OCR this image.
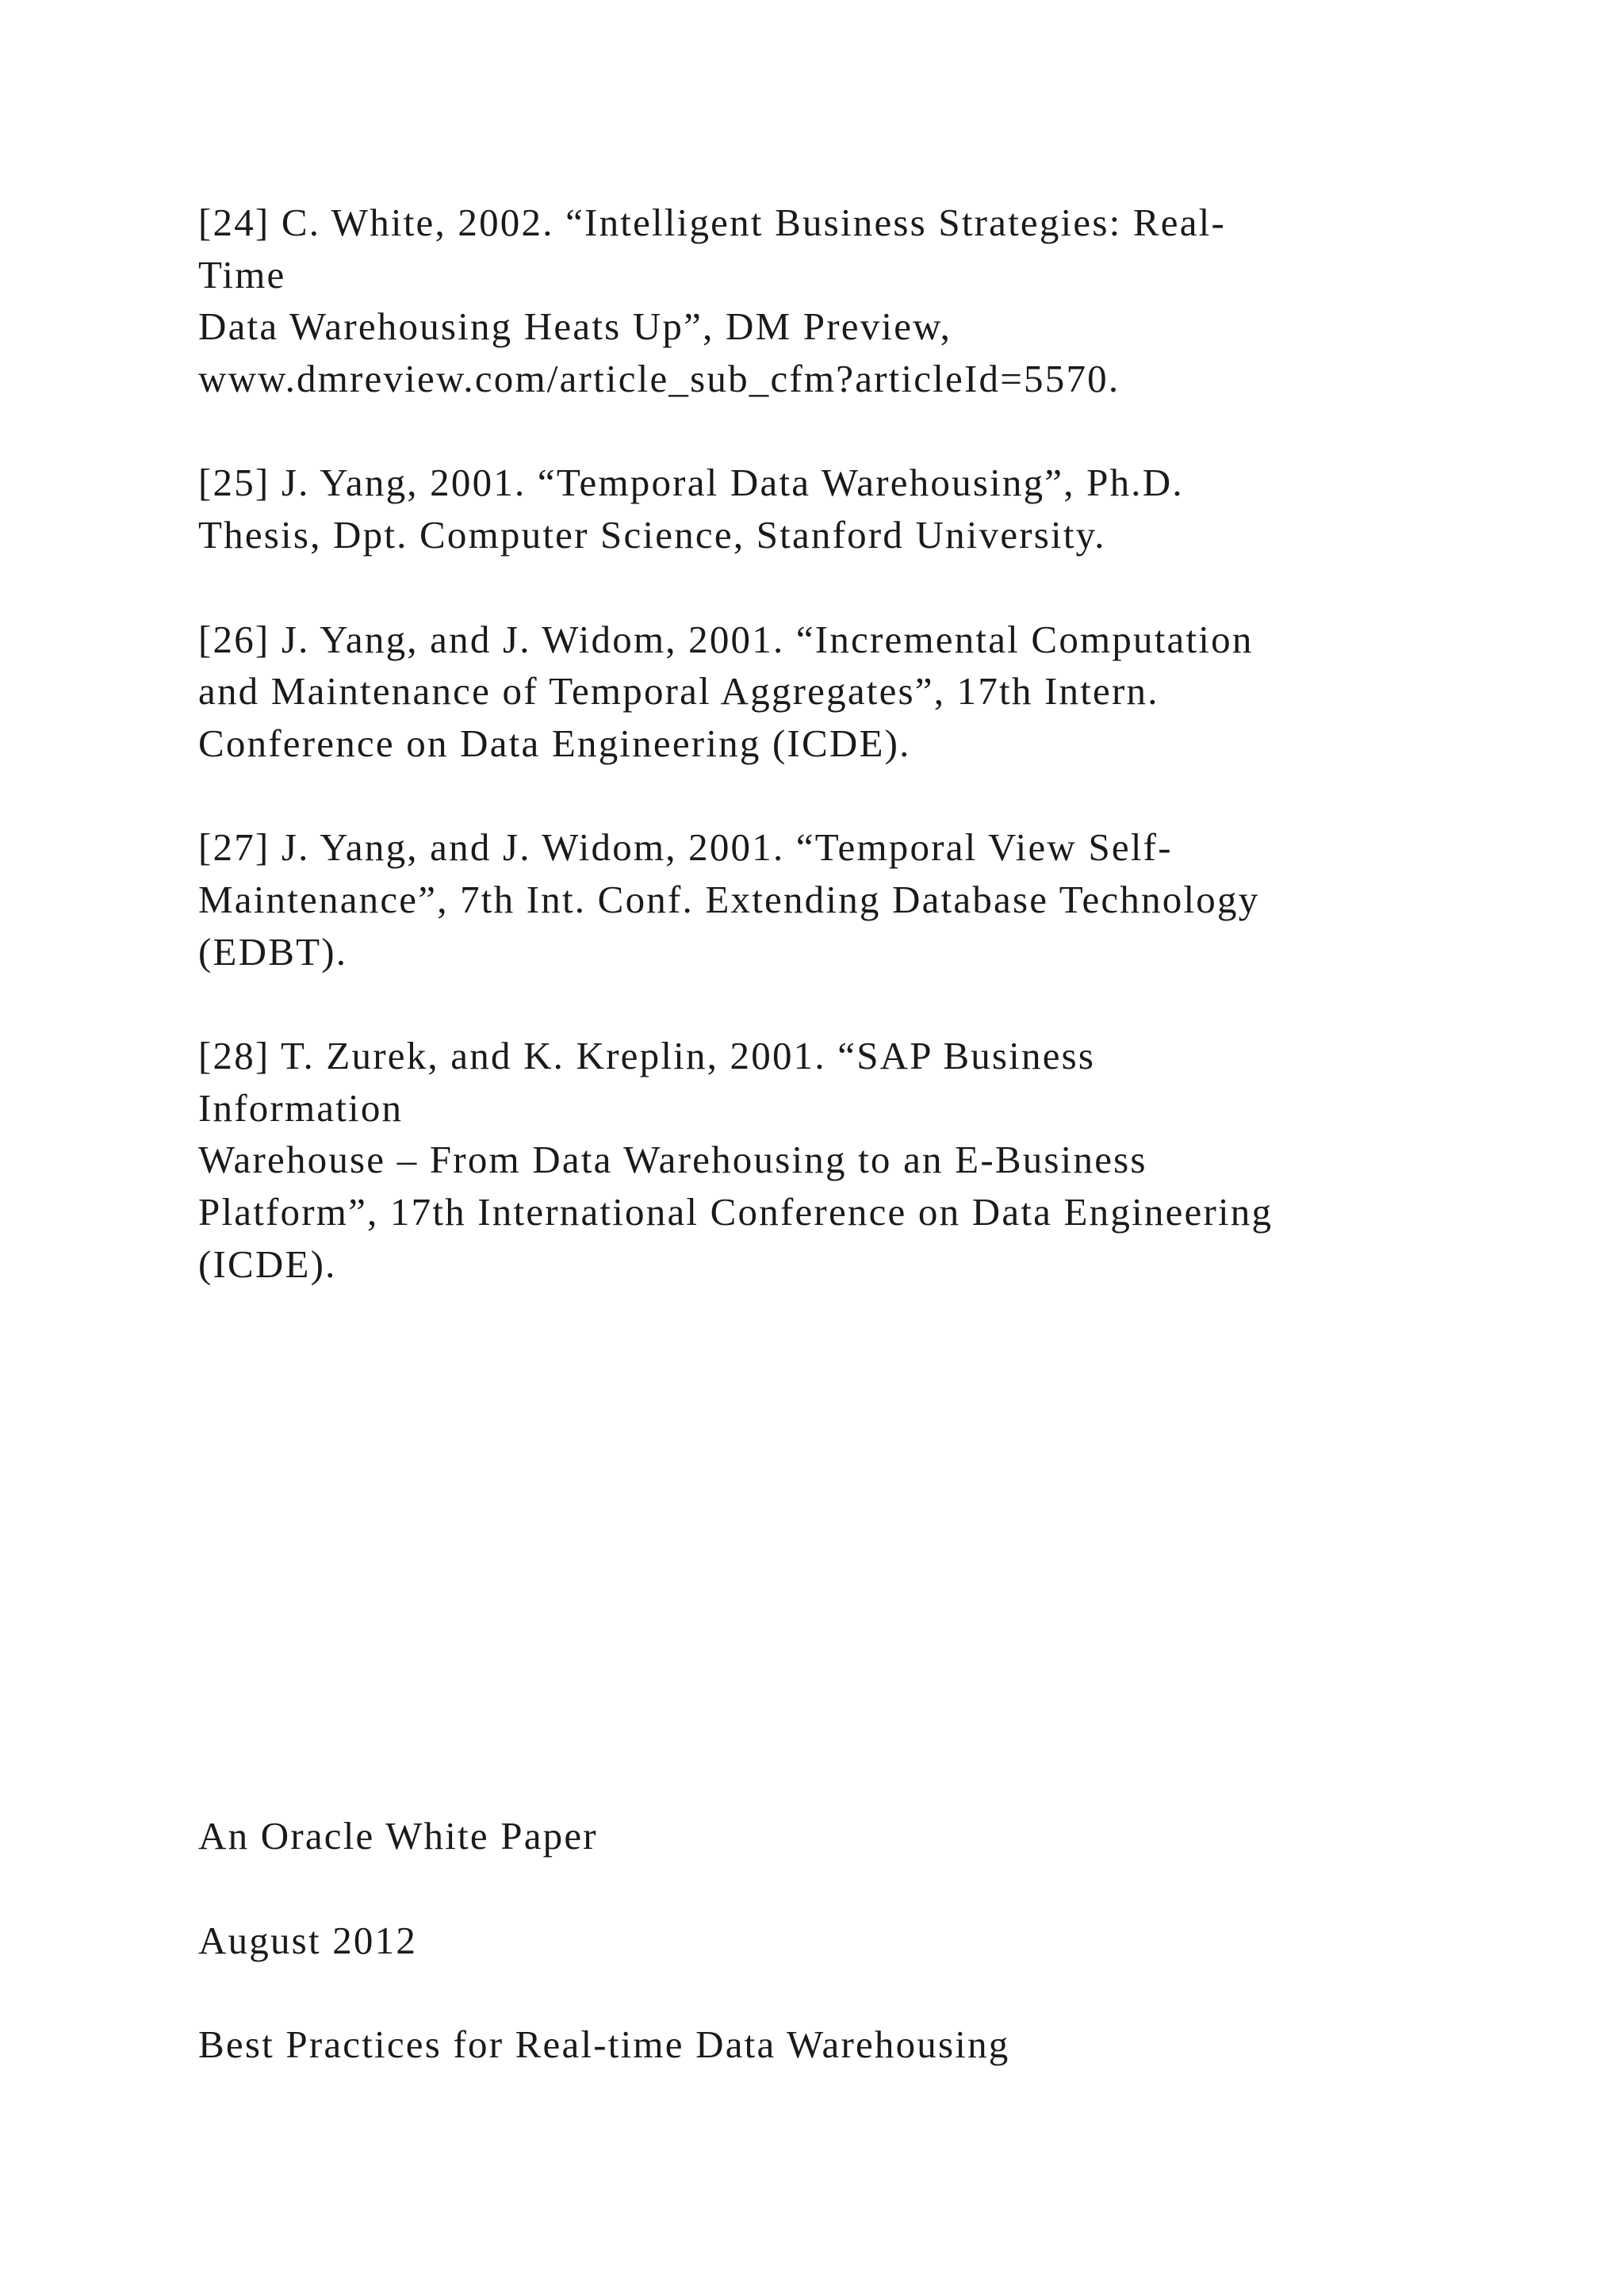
[24] C. White, 2002. “Intelligent Business Strategies: Real-
Time
Data Warehousing Heats Up”, DM Preview,
www.dmreview.com/article_sub_cfm?articleId=5570.
[25] J. Yang, 2001. “Temporal Data Warehousing”, Ph.D.
Thesis, Dpt. Computer Science, Stanford University.
[26] J. Yang, and J. Widom, 2001. “Incremental Computation
and Maintenance of Temporal Aggregates”, 17th Intern.
Conference on Data Engineering (ICDE).
[27] J. Yang, and J. Widom, 2001. “Temporal View Self-
Maintenance”, 7th Int. Conf. Extending Database Technology
(EDBT).
[28] T. Zurek, and K. Kreplin, 2001. “SAP Business
Information
Warehouse – From Data Warehousing to an E-Business
Platform”, 17th International Conference on Data Engineering
(ICDE).
An Oracle White Paper
August 2012
Best Practices for Real-time Data Warehousing
